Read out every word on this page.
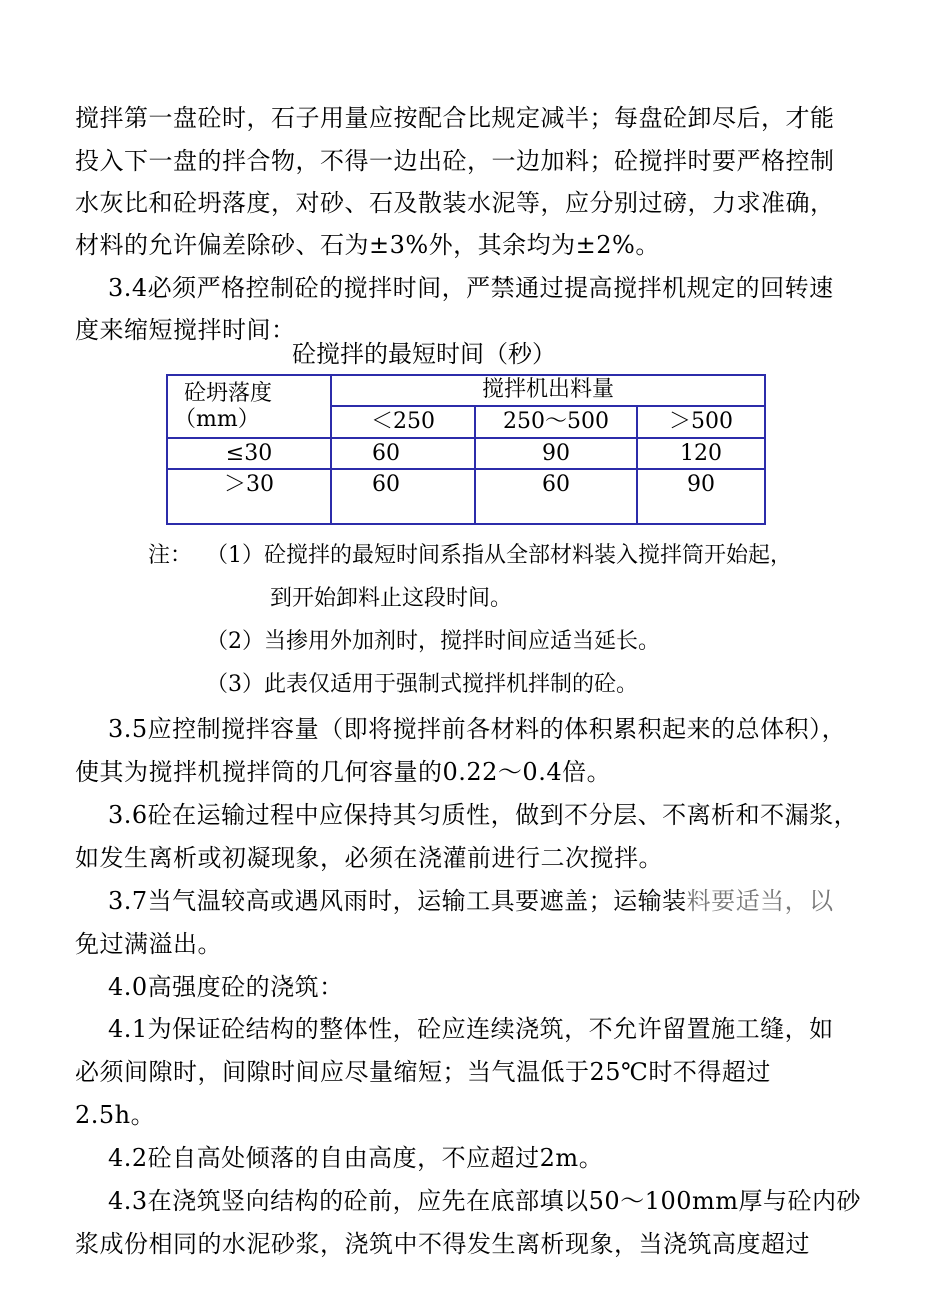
搅拌第一盘砼时，石子用量应按配合比规定减半；每盘砼卸尽后，才能
投入下一盘的拌合物，不得一边出砼，一边加料；砼搅拌时要严格控制
水灰比和砼坍落度，对砂、石及散装水泥等，应分别过磅，力求准确，
材料的允许偏差除砂、石为±3%外，其余均为±2%。
3.4必须严格控制砼的搅拌时间，严禁通过提高搅拌机规定的回转速
度来缩短搅拌时间：
砼搅拌的最短时间（秒）
砼坍落度
（mm）	搅拌机出料量		
	＜250	250～500	＞500
≤30	60	90	120
＞30	60	60	90
注： （1）砼搅拌的最短时间系指从全部材料装入搅拌筒开始起，
到开始卸料止这段时间。
（2）当掺用外加剂时，搅拌时间应适当延长。
（3）此表仅适用于强制式搅拌机拌制的砼。
3.5应控制搅拌容量（即将搅拌前各材料的体积累积起来的总体积），
使其为搅拌机搅拌筒的几何容量的0.22～0.4倍。
3.6砼在运输过程中应保持其匀质性，做到不分层、不离析和不漏浆，
如发生离析或初凝现象，必须在浇灌前进行二次搅拌。
3.7当气温较高或遇风雨时，运输工具要遮盖；运输装料要适当，以
免过满溢出。
4.0高强度砼的浇筑：
4.1为保证砼结构的整体性，砼应连续浇筑，不允许留置施工缝，如
必须间隙时，间隙时间应尽量缩短；当气温低于25℃时不得超过
2.5h。
4.2砼自高处倾落的自由高度，不应超过2m。
4.3在浇筑竖向结构的砼前，应先在底部填以50～100mm厚与砼内砂
浆成份相同的水泥砂浆，浇筑中不得发生离析现象，当浇筑高度超过
